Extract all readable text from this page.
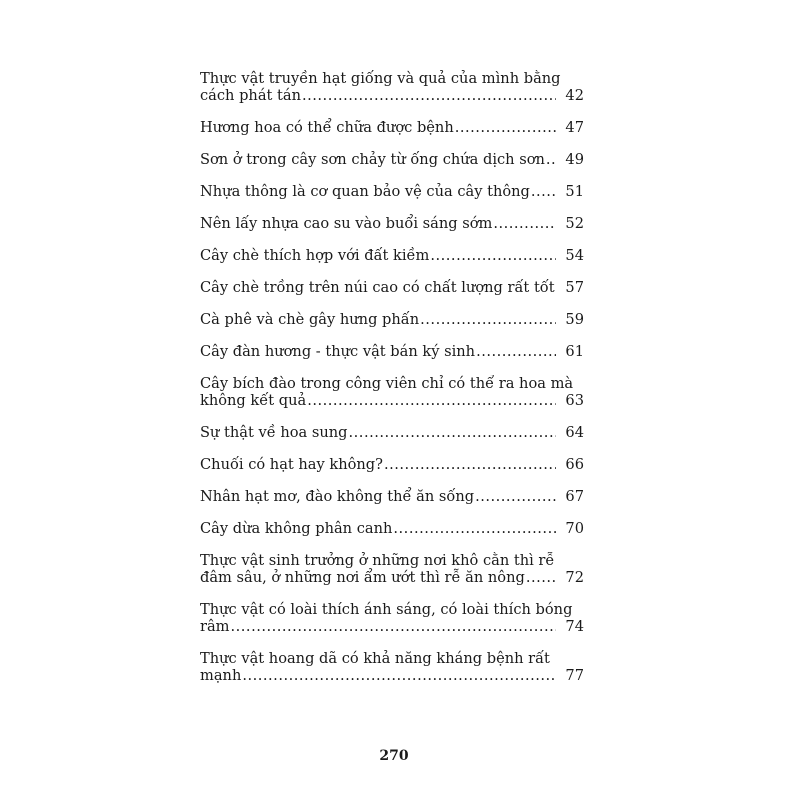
Thực vật truyền hạt giống và quả của mình bằng
cách phát tán .....	42
Hương hoa có thể chữa được bệnh .....	47
Sơn ở trong cây sơn chảy từ ống chứa dịch sơn .....	49
Nhựa thông là cơ quan bảo vệ của cây thông .....	51
Nên lấy nhựa cao su vào buổi sáng sớm .....	52
Cây chè thích hợp với đất kiềm .....	54
Cây chè trồng trên núi cao có chất lượng rất tốt ..... 57
Cà phê và chè gây hưng phấn .....	59
Cây đàn hương - thực vật bán ký sinh .....	61
Cây bích đào trong công viên chỉ có thể ra hoa mà
không kết quả .....	63
Sự thật về hoa sung .....	64
Chuối có hạt hay không? .....	66
Nhân hạt mơ, đào không thể ăn sống .....	67
Cây dừa không phân canh .....	70
Thực vật sinh trưởng ở những nơi khô cằn thì rễ
đâm sâu, ở những nơi ẩm ướt thì rễ ăn nông .....	72
Thực vật có loài thích ánh sáng, có loài thích bóng
râm .....	74
Thực vật hoang dã có khả năng kháng bệnh rất
mạnh .....	77
270
